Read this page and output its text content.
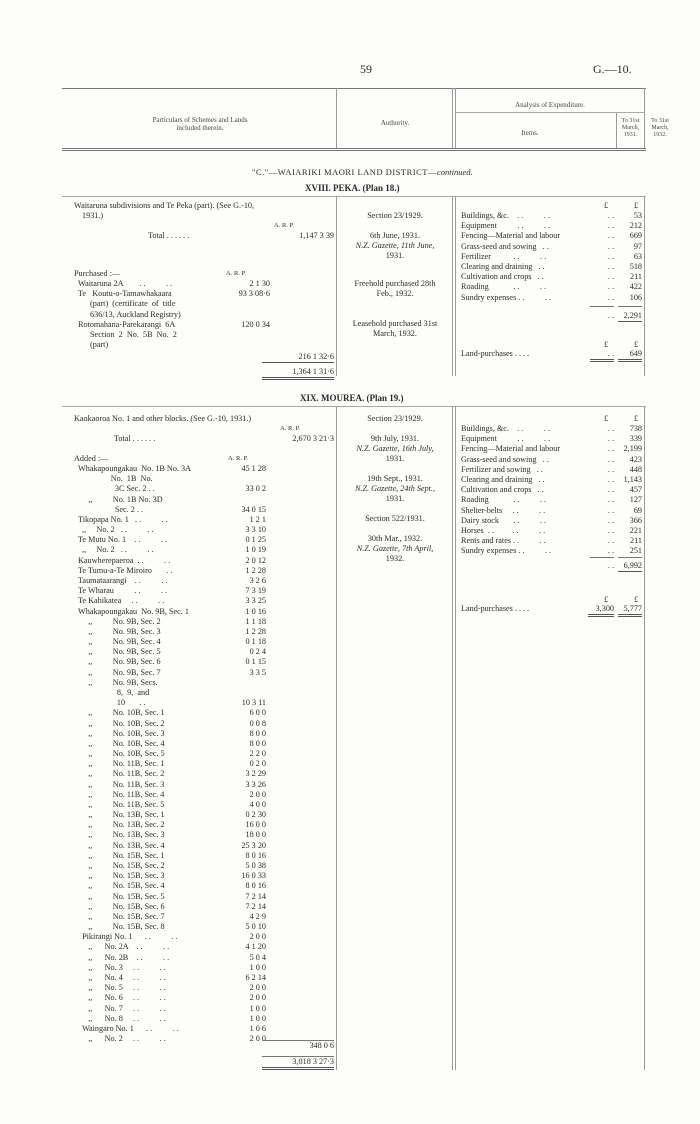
59	G.—10.
Particulars of Schemes and Lands included therein.
Authority.
Analysis of Expenditure.
Items.
To 31st March, 1931.
To 31st March, 1932.
"C."—WAIARIKI MAORI LAND DISTRICT—continued.
XVIII. PEKA. (Plan 18.)
Waitaruna subdivisions and Te Peka (part). (See G.-10,
1931.)
A. R. P.
Total . . . . . .	1,147 3 39
Purchased :—	A. R. P.
Waitaruna 2A        . .          . .	2 1 30
Te   Koutu-o-Tamawhakaara	93 3 08·6
(part)  (certificate  of  title
636/13, Auckland Registry)
Rotomahana-Parekarangi  6A	120 0 34
Section  2  No.  5B  No.  2
(part)
216 1 32·6
1,364 1 31·6
Section 23/1929.
6th June, 1931.
N.Z. Gazette, 11th June,
1931.
Freehold purchased 28th
Feb., 1932.
Leasehold purchased 31st
March, 1932.
Buildings, &c.    . .          . .	. .	53
Equipment          . .          . .	. .	212
Fencing—Material and labour	. .	669
Grass-seed and sowing   . .	. .	97
Fertilizer           . .          . .	. .	63
Clearing and draining   . .	. .	518
Cultivation and crops   . .	. .	211
Roading            . .          . .	. .	422
Sundry expenses . .          . .	. .	106
£	£
. .	2,291
£	£
Land-purchases . . . .	. .	649
XIX. MOUREA. (Plan 19.)
Kaokaoroa No. 1 and other blocks. (See G.-10, 1931.)
A. R. P.
Total . . . . . .	2,670 3 21·3
Added :—	A. R. P.
Whakapoungakau  No. 1B No. 3A	45 1 28
No.  1B  No.
3C Sec. 2 . .	33 0 2
,,          No. 1B No. 3D
Sec. 2 . .	34 0 15
Tikopapa No. 1   . .          . .	1 2 1
,,     No. 2   . .          . .	3 3 10
Te Mutu No. 1    . .          . .	0 1 25
,,     No. 2   . .          . .	1 0 19
Kauwherepaeroa  . .          . .	2 0 12
Te Tumu-a-Te Miroiro       . .	1 2 28
Taumataarangi    . .          . .	3 2 6
Te Wharau          . .          . .	7 3 19
Te Kahikatea     . .          . .	3 3 25
Whakapoungakau  No. 9B, Sec. 1	1 0 16
,,          No. 9B, Sec. 2	1 1 18
,,          No. 9B, Sec. 3	1 2 28
,,          No. 9B, Sec. 4	0 1 18
,,          No. 9B, Sec. 5	0 2 4
,,          No. 9B, Sec. 6	0 1 15
,,          No. 9B, Sec. 7	3 3 5
,,          No. 9B, Secs.
8,  9,  and
10       . .	10 3 11
,,          No. 10B, Sec. 1	6 0 0
,,          No. 10B, Sec. 2	0 0 8
,,          No. 10B, Sec. 3	8 0 0
,,          No. 10B, Sec. 4	8 0 0
,,          No. 10B, Sec. 5	2 2 0
,,          No. 11B, Sec. 1	0 2 0
,,          No. 11B, Sec. 2	3 2 29
,,          No. 11B, Sec. 3	3 3 26
,,          No. 11B, Sec. 4	2 0 0
,,          No. 11B, Sec. 5	4 0 0
,,          No. 13B, Sec. 1	0 2 30
,,          No. 13B, Sec. 2	16 0 0
,,          No. 13B, Sec. 3	18 0 0
,,          No. 13B, Sec. 4	25 3 20
,,          No. 15B, Sec. 1	8 0 16
,,          No. 15B, Sec. 2	5 0 38
,,          No. 15B, Sec. 3	16 0 33
,,          No. 15B, Sec. 4	8 0 16
,,          No. 15B, Sec. 5	7 2 14
,,          No. 15B, Sec. 6	7 2 14
,,          No. 15B, Sec. 7	4 2 9
,,          No. 15B, Sec. 8	5 0 10
Pikirangi No. 1      . .          . .	2 0 0
,,      No. 2A    . .          . .	4 1 20
,,      No. 2B    . .          . .	5 0 4
,,      No. 3     . .          . .	1 0 0
,,      No. 4     . .          . .	6 2 14
,,      No. 5     . .          . .	2 0 0
,,      No. 6     . .          . .	2 0 0
,,      No. 7     . .          . .	1 0 0
,,      No. 8     . .          . .	1 0 0
Waingaro No. 1      . .          . .	1 0 6
,,      No. 2     . .          . .	2 0 0
348 0 6
3,018 3 27·3
Section 23/1929.
9th July, 1931.
N.Z. Gazette, 16th July,
1931.
19th Sept., 1931.
N.Z. Gazette, 24th Sept.,
1931.
Section 522/1931.
30th Mar., 1932.
N.Z. Gazette, 7th April,
1932.
£	£
Buildings, &c.    . .          . .	. .	738
Equipment          . .          . .	. .	339
Fencing—Material and labour	. .	2,199
Grass-seed and sowing   . .	. .	423
Fertilizer and sowing   . .	. .	448
Clearing and draining   . .	. .	1,143
Cultivation and crops   . .	. .	457
Roading            . .          . .	. .	127
Shelter-belts     . .          . .	. .	69
Dairy stock       . .          . .	. .	366
Horses  . .         . .          . .	. .	221
Rents and rates . .          . .	. .	211
Sundry expenses . .          . .	. .	251
. .	6,992
£	£
Land-purchases . . . .	3,300	5,777
